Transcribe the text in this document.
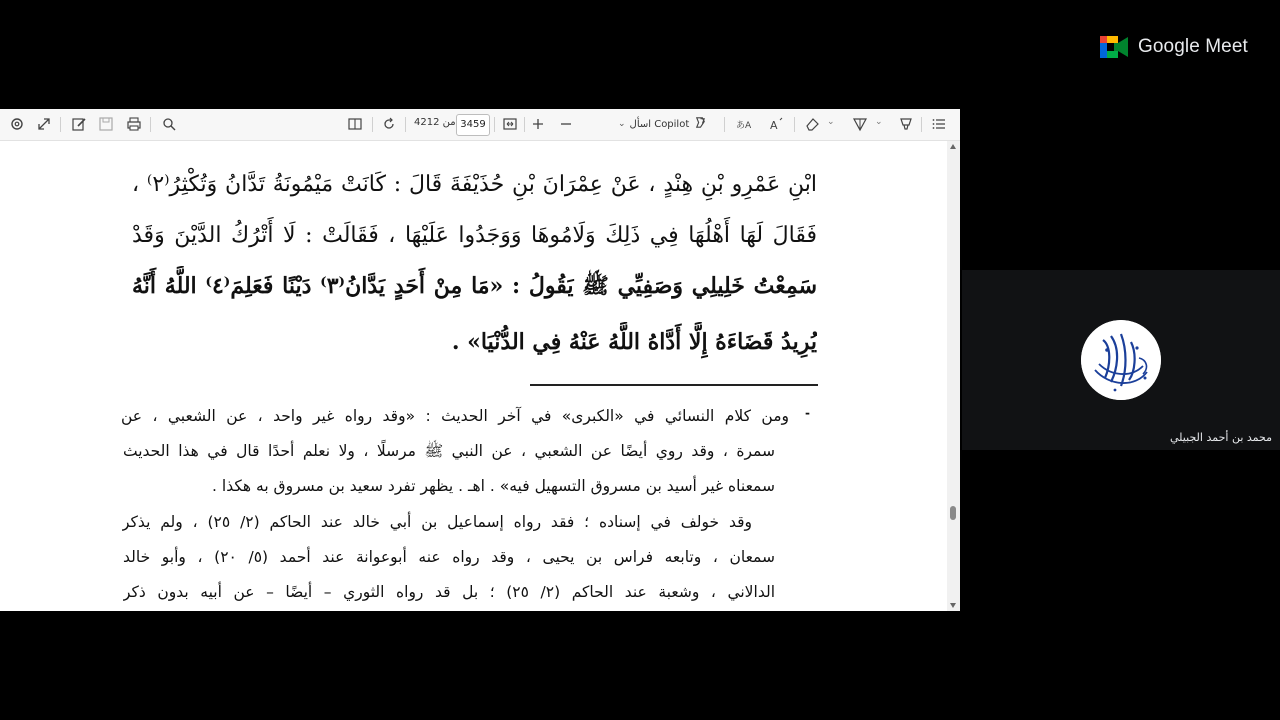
Google Meet
محمد بن أحمد الجبيلي
من 4212 3459	⌄ اسأل Copilot	あA A	⌄	⌄
ابْنِ عَمْرِو بْنِ هِنْدٍ ، عَنْ عِمْرَانَ بْنِ حُذَيْفَةَ قَالَ : كَانَتْ مَيْمُونَةُ تَدَّانُ وَتُكْثِرُ⁽٢⁾ ،
فَقَالَ لَهَا أَهْلُهَا فِي ذَلِكَ وَلَامُوهَا وَوَجَدُوا عَلَيْهَا ، فَقَالَتْ : لَا أَتْرُكُ الدَّيْنَ وَقَدْ
سَمِعْتُ خَلِيلِي وَصَفِيِّي ﷺ يَقُولُ : «مَا مِنْ أَحَدٍ يَدَّانُ⁽٣⁾ دَيْنًا فَعَلِمَ⁽٤⁾ اللَّهُ أَنَّهُ
يُرِيدُ قَضَاءَهُ إِلَّا أَدَّاهُ اللَّهُ عَنْهُ فِي الدُّنْيَا» .
-
ومن كلام النسائي في «الكبرى» في آخر الحديث : «وقد رواه غير واحد ، عن الشعبي ، عن
سمرة ، وقد روي أيضًا عن الشعبي ، عن النبي ﷺ مرسلًا ، ولا نعلم أحدًا قال في هذا الحديث
سمعناه غير أسيد بن مسروق التسهيل فيه» . اهـ . يظهر تفرد سعيد بن مسروق به هكذا .
وقد خولف في إسناده ؛ فقد رواه إسماعيل بن أبي خالد عند الحاكم (٢/ ٢٥) ، ولم يذكر
سمعان ، وتابعه فراس بن يحيى ، وقد رواه عنه أبوعوانة عند أحمد (٥/ ٢٠) ، وأبو خالد
الدالاني ، وشعبة عند الحاكم (٢/ ٢٥) ؛ بل قد رواه الثوري – أيضًا – عن أبيه بدون ذكر
